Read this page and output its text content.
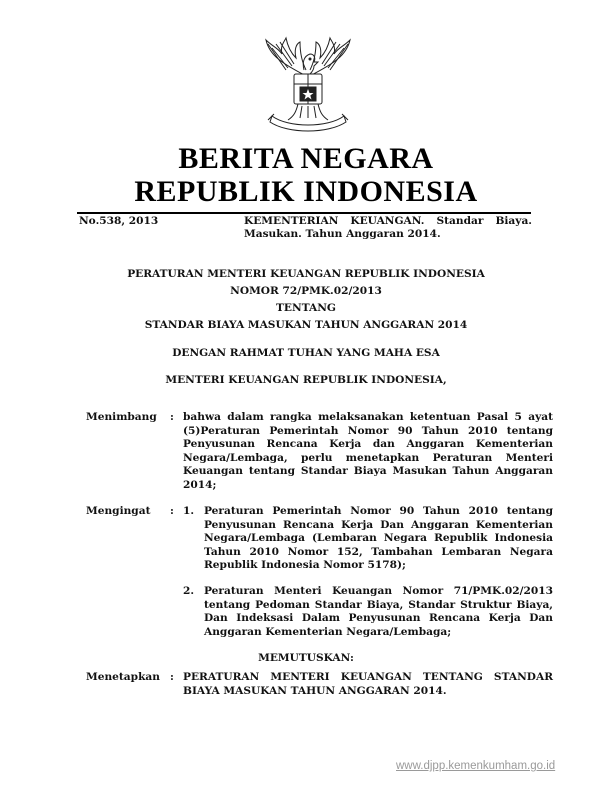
BERITA NEGARA
REPUBLIK INDONESIA
No.538, 2013	KEMENTERIAN KEUANGAN. Standar Biaya.
Masukan. Tahun Anggaran 2014.
PERATURAN MENTERI KEUANGAN REPUBLIK INDONESIA
NOMOR 72/PMK.02/2013
TENTANG
STANDAR BIAYA MASUKAN TAHUN ANGGARAN 2014
DENGAN RAHMAT TUHAN YANG MAHA ESA
MENTERI KEUANGAN REPUBLIK INDONESIA,
Menimbang : bahwa dalam rangka melaksanakan ketentuan Pasal 5 ayat
(5)Peraturan Pemerintah Nomor 90 Tahun 2010 tentang
Penyusunan Rencana Kerja dan Anggaran Kementerian
Negara/Lembaga, perlu menetapkan Peraturan Menteri
Keuangan tentang Standar Biaya Masukan Tahun Anggaran
2014;
Mengingat : 1. Peraturan Pemerintah Nomor 90 Tahun 2010 tentang
Penyusunan Rencana Kerja Dan Anggaran Kementerian
Negara/Lembaga (Lembaran Negara Republik Indonesia
Tahun 2010 Nomor 152, Tambahan Lembaran Negara
Republik Indonesia Nomor 5178);
2. Peraturan Menteri Keuangan Nomor 71/PMK.02/2013
tentang Pedoman Standar Biaya, Standar Struktur Biaya,
Dan Indeksasi Dalam Penyusunan Rencana Kerja Dan
Anggaran Kementerian Negara/Lembaga;
MEMUTUSKAN:
Menetapkan : PERATURAN MENTERI KEUANGAN TENTANG STANDAR
BIAYA MASUKAN TAHUN ANGGARAN 2014.
www.djpp.kemenkumham.go.id
